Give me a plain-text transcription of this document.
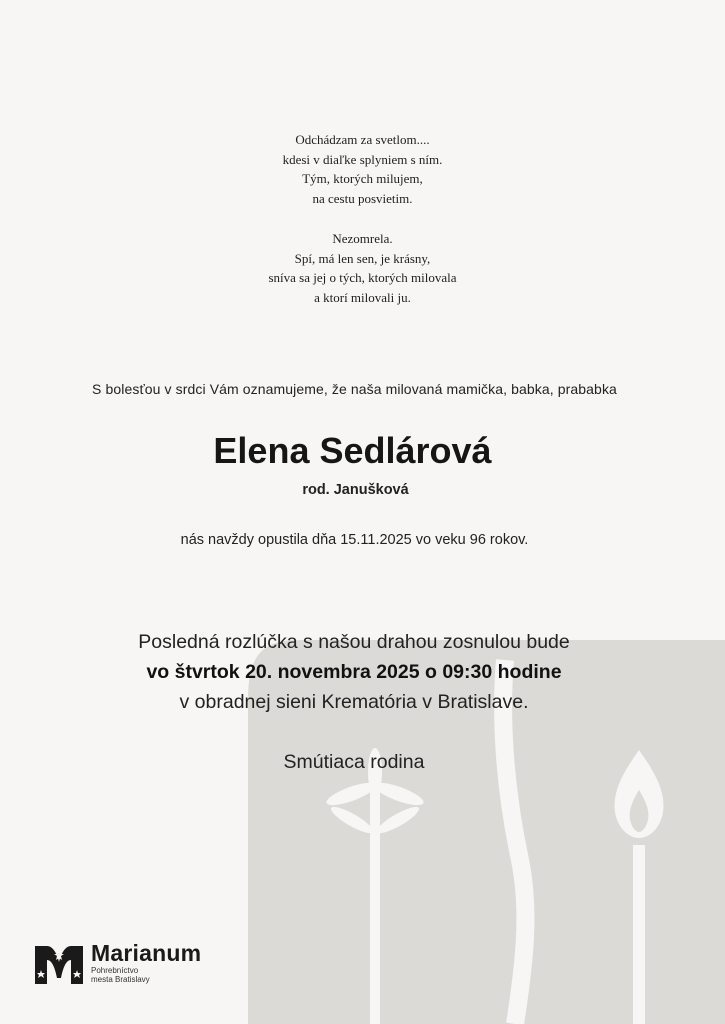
Odchádzam za svetlom....
kdesi v diaľke splyniem s ním.
Tým, ktorých milujem,
na cestu posvietim.
Nezomrela.
Spí, má len sen, je krásny,
sníva sa jej o tých, ktorých milovala
a ktorí milovali ju.
S bolesťou v srdci Vám oznamujeme, že naša milovaná mamička, babka, prababka
Elena Sedlárová
rod. Janušková
nás navždy opustila dňa 15.11.2025 vo veku 96 rokov.
Posledná rozlúčka s našou drahou zosnulou bude
vo štvrtok 20. novembra 2025 o 09:30 hodine
v obradnej sieni Krematória v Bratislave.
Smútiaca rodina
Marianum
Pohrebníctvo
mesta Bratislavy
